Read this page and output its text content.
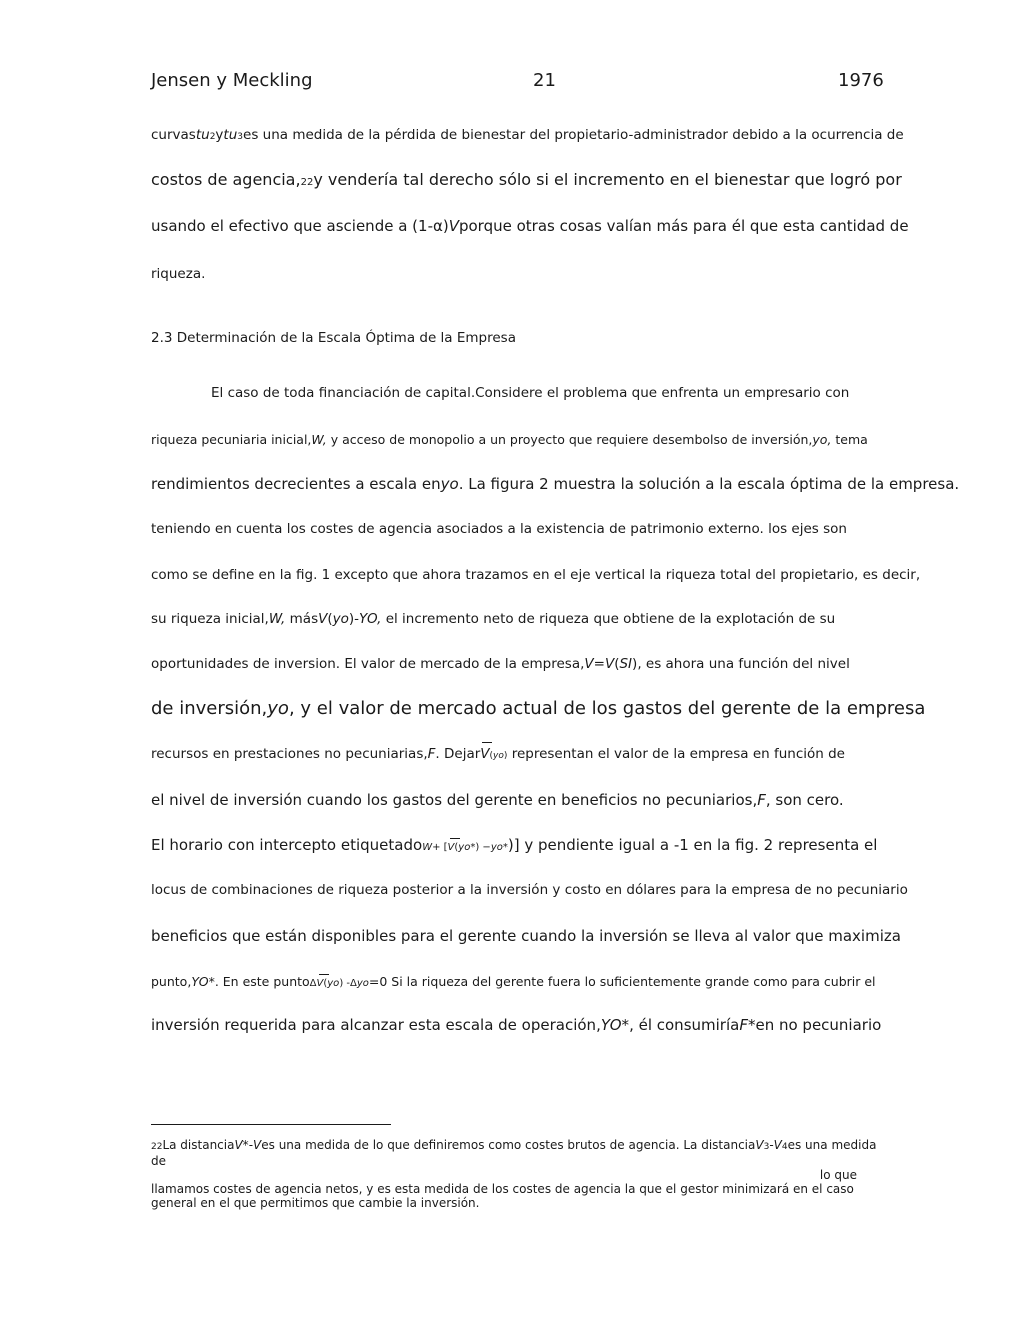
Jensen y Meckling	21	1976
curvastu2ytu3es una medida de la pérdida de bienestar del propietario-administrador debido a la ocurrencia de
costos de agencia,22y vendería tal derecho sólo si el incremento en el bienestar que logró por
usando el efectivo que asciende a (1-α)Vporque otras cosas valían más para él que esta cantidad de
riqueza.
2.3 Determinación de la Escala Óptima de la Empresa
El caso de toda financiación de capital.Considere el problema que enfrenta un empresario con
riqueza pecuniaria inicial,W, y acceso de monopolio a un proyecto que requiere desembolso de inversión,yo, tema
rendimientos decrecientes a escala enyo. La figura 2 muestra la solución a la escala óptima de la empresa.
teniendo en cuenta los costes de agencia asociados a la existencia de patrimonio externo. los ejes son
como se define en la fig. 1 excepto que ahora trazamos en el eje vertical la riqueza total del propietario, es decir,
su riqueza inicial,W, másV(yo)-YO, el incremento neto de riqueza que obtiene de la explotación de su
oportunidades de inversion. El valor de mercado de la empresa,V=V(SI), es ahora una función del nivel
de inversión,yo, y el valor de mercado actual de los gastos del gerente de la empresa
recursos en prestaciones no pecuniarias,F. DejarV(yo) representan el valor de la empresa en función de
el nivel de inversión cuando los gastos del gerente en beneficios no pecuniarios,F, son cero.
El horario con intercepto etiquetadoW+ [V(yo*) −yo*)] y pendiente igual a -1 en la fig. 2 representa el
locus de combinaciones de riqueza posterior a la inversión y costo en dólares para la empresa de no pecuniario
beneficios que están disponibles para el gerente cuando la inversión se lleva al valor que maximiza
punto,YO*. En este puntoΔV(yo) -Δyo=0 Si la riqueza del gerente fuera lo suficientemente grande como para cubrir el
inversión requerida para alcanzar esta escala de operación,YO*, él consumiríaF*en no pecuniario
22La distanciaV*-Ves una medida de lo que definiremos como costes brutos de agencia. La distanciaV3-V4es una medida de
lo que
llamamos costes de agencia netos, y es esta medida de los costes de agencia la que el gestor minimizará en el caso general en el que permitimos que cambie la inversión.
